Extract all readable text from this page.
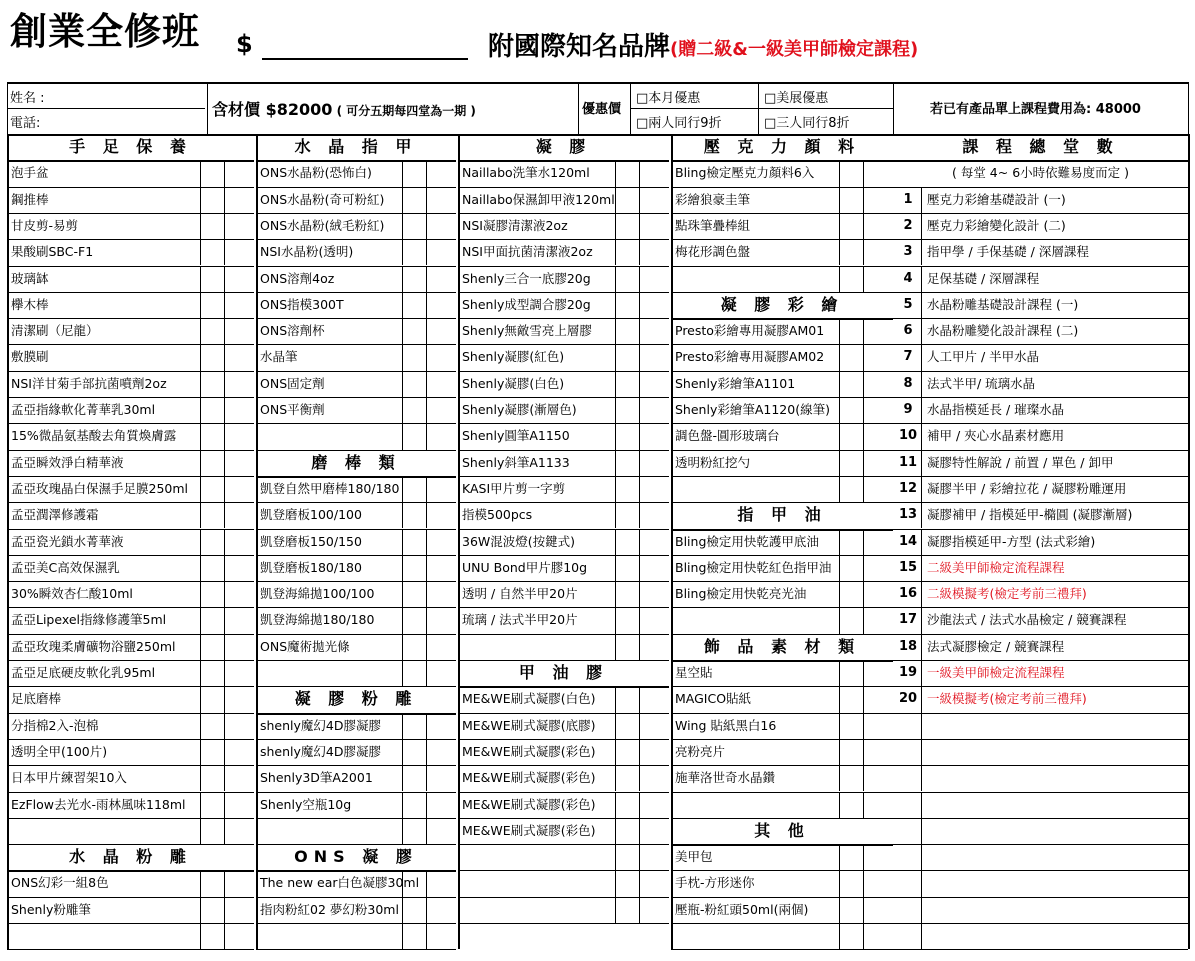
創業全修班 $	附國際知名品牌(贈二級&一級美甲師檢定課程)
姓名 :
電話:
含材價 $82000 ( 可分五期每四堂為一期 )	優惠價
□本月優惠	□美展優惠
□兩人同行9折	□三人同行8折
若已有產品單上課程費用為: 48000
手 足 保 養
泡手盆
鋼推棒
甘皮剪-易剪
果酸刷SBC-F1
玻璃缽
欅木棒
清潔刷（尼龍）
敷膜刷
NSI洋甘菊手部抗菌噴劑2oz
孟亞指緣軟化菁華乳30ml
15%微晶氨基酸去角質煥膚露
孟亞瞬效淨白精華液
孟亞玫瑰晶白保濕手足膜250ml
孟亞潤澤修護霜
孟亞瓷光鎖水菁華液
孟亞美C高效保濕乳
30%瞬效杏仁酸10ml
孟亞Lipexel指緣修護筆5ml
孟亞玫瑰柔膚礦物浴鹽250ml
孟亞足底硬皮軟化乳95ml
足底磨棒
分指棉2入-泡棉
透明全甲(100片)
日本甲片練習架10入
EzFlow去光水-雨林風味118ml
水 晶 粉 雕
ONS幻彩一組8色
Shenly粉雕筆
水 晶 指 甲
ONS水晶粉(恐怖白)
ONS水晶粉(奇可粉紅)
ONS水晶粉(絨毛粉紅)
NSI水晶粉(透明)
ONS溶劑4oz
ONS指模300T
ONS溶劑杯
水晶筆
ONS固定劑
ONS平衡劑
磨 棒 類
凱登自然甲磨棒180/180
凱登磨板100/100
凱登磨板150/150
凱登磨板180/180
凱登海綿拋100/100
凱登海綿拋180/180
ONS魔術拋光條
凝 膠 粉 雕
shenly魔幻4D膠凝膠
shenly魔幻4D膠凝膠
Shenly3D筆A2001
Shenly空瓶10g
ONS 凝 膠
The new ear白色凝膠30ml
指肉粉紅02 夢幻粉30ml
凝 膠
Naillabo洗筆水120ml
Naillabo保濕卸甲液120ml
NSI凝膠清潔液2oz
NSI甲面抗菌清潔液2oz
Shenly三合一底膠20g
Shenly成型調合膠20g
Shenly無敵雪亮上層膠
Shenly凝膠(紅色)
Shenly凝膠(白色)
Shenly凝膠(漸層色)
Shenly圓筆A1150
Shenly斜筆A1133
KASI甲片剪一字剪
指模500pcs
36W混波燈(按鍵式)
UNU Bond甲片膠10g
透明 / 自然半甲20片
琉璃 / 法式半甲20片
甲 油 膠
ME&WE刷式凝膠(白色)
ME&WE刷式凝膠(底膠)
ME&WE刷式凝膠(彩色)
ME&WE刷式凝膠(彩色)
ME&WE刷式凝膠(彩色)
ME&WE刷式凝膠(彩色)
壓 克 力 顏 料
Bling檢定壓克力顏料6入
彩繪狼豪圭筆
點珠筆疊棒組
梅花形調色盤
凝 膠 彩 繪
Presto彩繪專用凝膠AM01
Presto彩繪專用凝膠AM02
Shenly彩繪筆A1101
Shenly彩繪筆A1120(線筆)
調色盤-圓形玻璃台
透明粉紅挖勺
指 甲 油
Bling檢定用快乾護甲底油
Bling檢定用快乾紅色指甲油
Bling檢定用快乾亮光油
飾 品 素 材 類
星空貼
MAGICO貼紙
Wing 貼紙黑白16
亮粉亮片
施華洛世奇水晶鑽
其 他
美甲包
手枕-方形迷你
壓瓶-粉紅頭50ml(兩個)
課 程 總 堂 數
( 每堂 4~ 6小時依難易度而定 )
1	壓克力彩繪基礎設計 (一)
2	壓克力彩繪變化設計 (二)
3	指甲學 / 手保基礎 / 深層課程
4	足保基礎 / 深層課程
5	水晶粉雕基礎設計課程 (一)
6	水晶粉雕變化設計課程 (二)
7	人工甲片 / 半甲水晶
8	法式半甲/ 琉璃水晶
9	水晶指模延長 / 璀璨水晶
10 補甲 / 夾心水晶素材應用
11 凝膠特性解說 / 前置 / 單色 / 卸甲
12 凝膠半甲 / 彩繪拉花 / 凝膠粉雕運用
13 凝膠補甲 / 指模延甲-橢圓 (凝膠漸層)
14 凝膠指模延甲-方型 (法式彩繪)
15 二級美甲師檢定流程課程
16 二級模擬考(檢定考前三禮拜)
17 沙龍法式 / 法式水晶檢定 / 競賽課程
18 法式凝膠檢定 / 競賽課程
19 一級美甲師檢定流程課程
20 一級模擬考(檢定考前三禮拜)
